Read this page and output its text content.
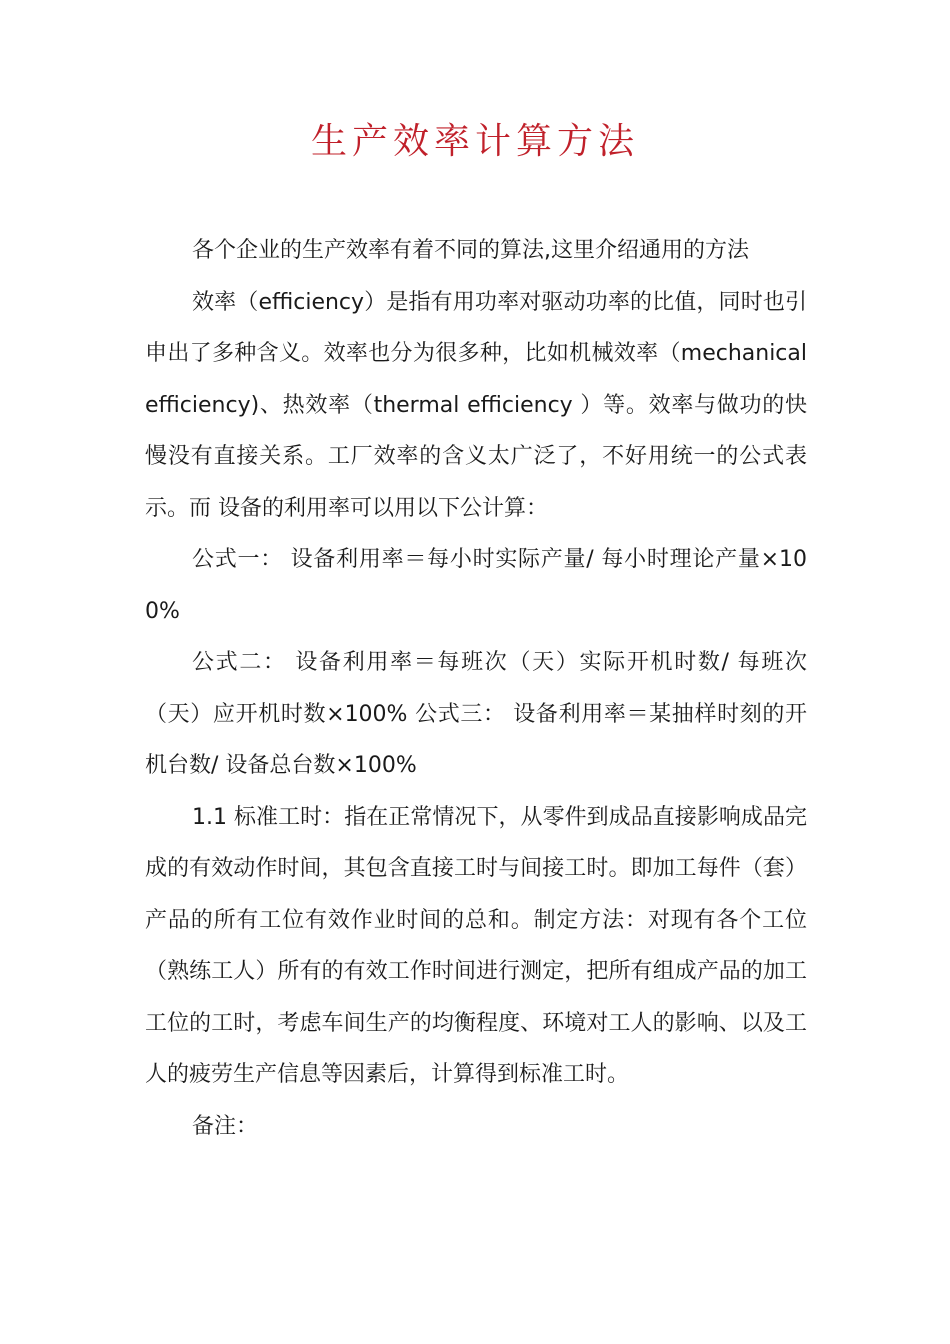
生产效率计算方法

各个企业的生产效率有着不同的算法,这里介绍通用的方法

效率（efficiency）是指有用功率对驱动功率的比值，同时也引申出了多种含义。效率也分为很多种，比如机械效率（mechanical efficiency)、热效率（thermal efficiency ）等。效率与做功的快慢没有直接关系。工厂效率的含义太广泛了，不好用统一的公式表示。而 设备的利用率可以用以下公计算：

公式一： 设备利用率＝每小时实际产量/ 每小时理论产量×100%

公式二： 设备利用率＝每班次（天）实际开机时数/ 每班次（天）应开机时数×100% 公式三： 设备利用率＝某抽样时刻的开机台数/ 设备总台数×100%

1.1 标准工时：指在正常情况下，从零件到成品直接影响成品完成的有效动作时间，其包含直接工时与间接工时。即加工每件（套）产品的所有工位有效作业时间的总和。制定方法：对现有各个工位（熟练工人）所有的有效工作时间进行测定，把所有组成产品的加工工位的工时，考虑车间生产的均衡程度、环境对工人的影响、以及工人的疲劳生产信息等因素后，计算得到标准工时。

备注：
